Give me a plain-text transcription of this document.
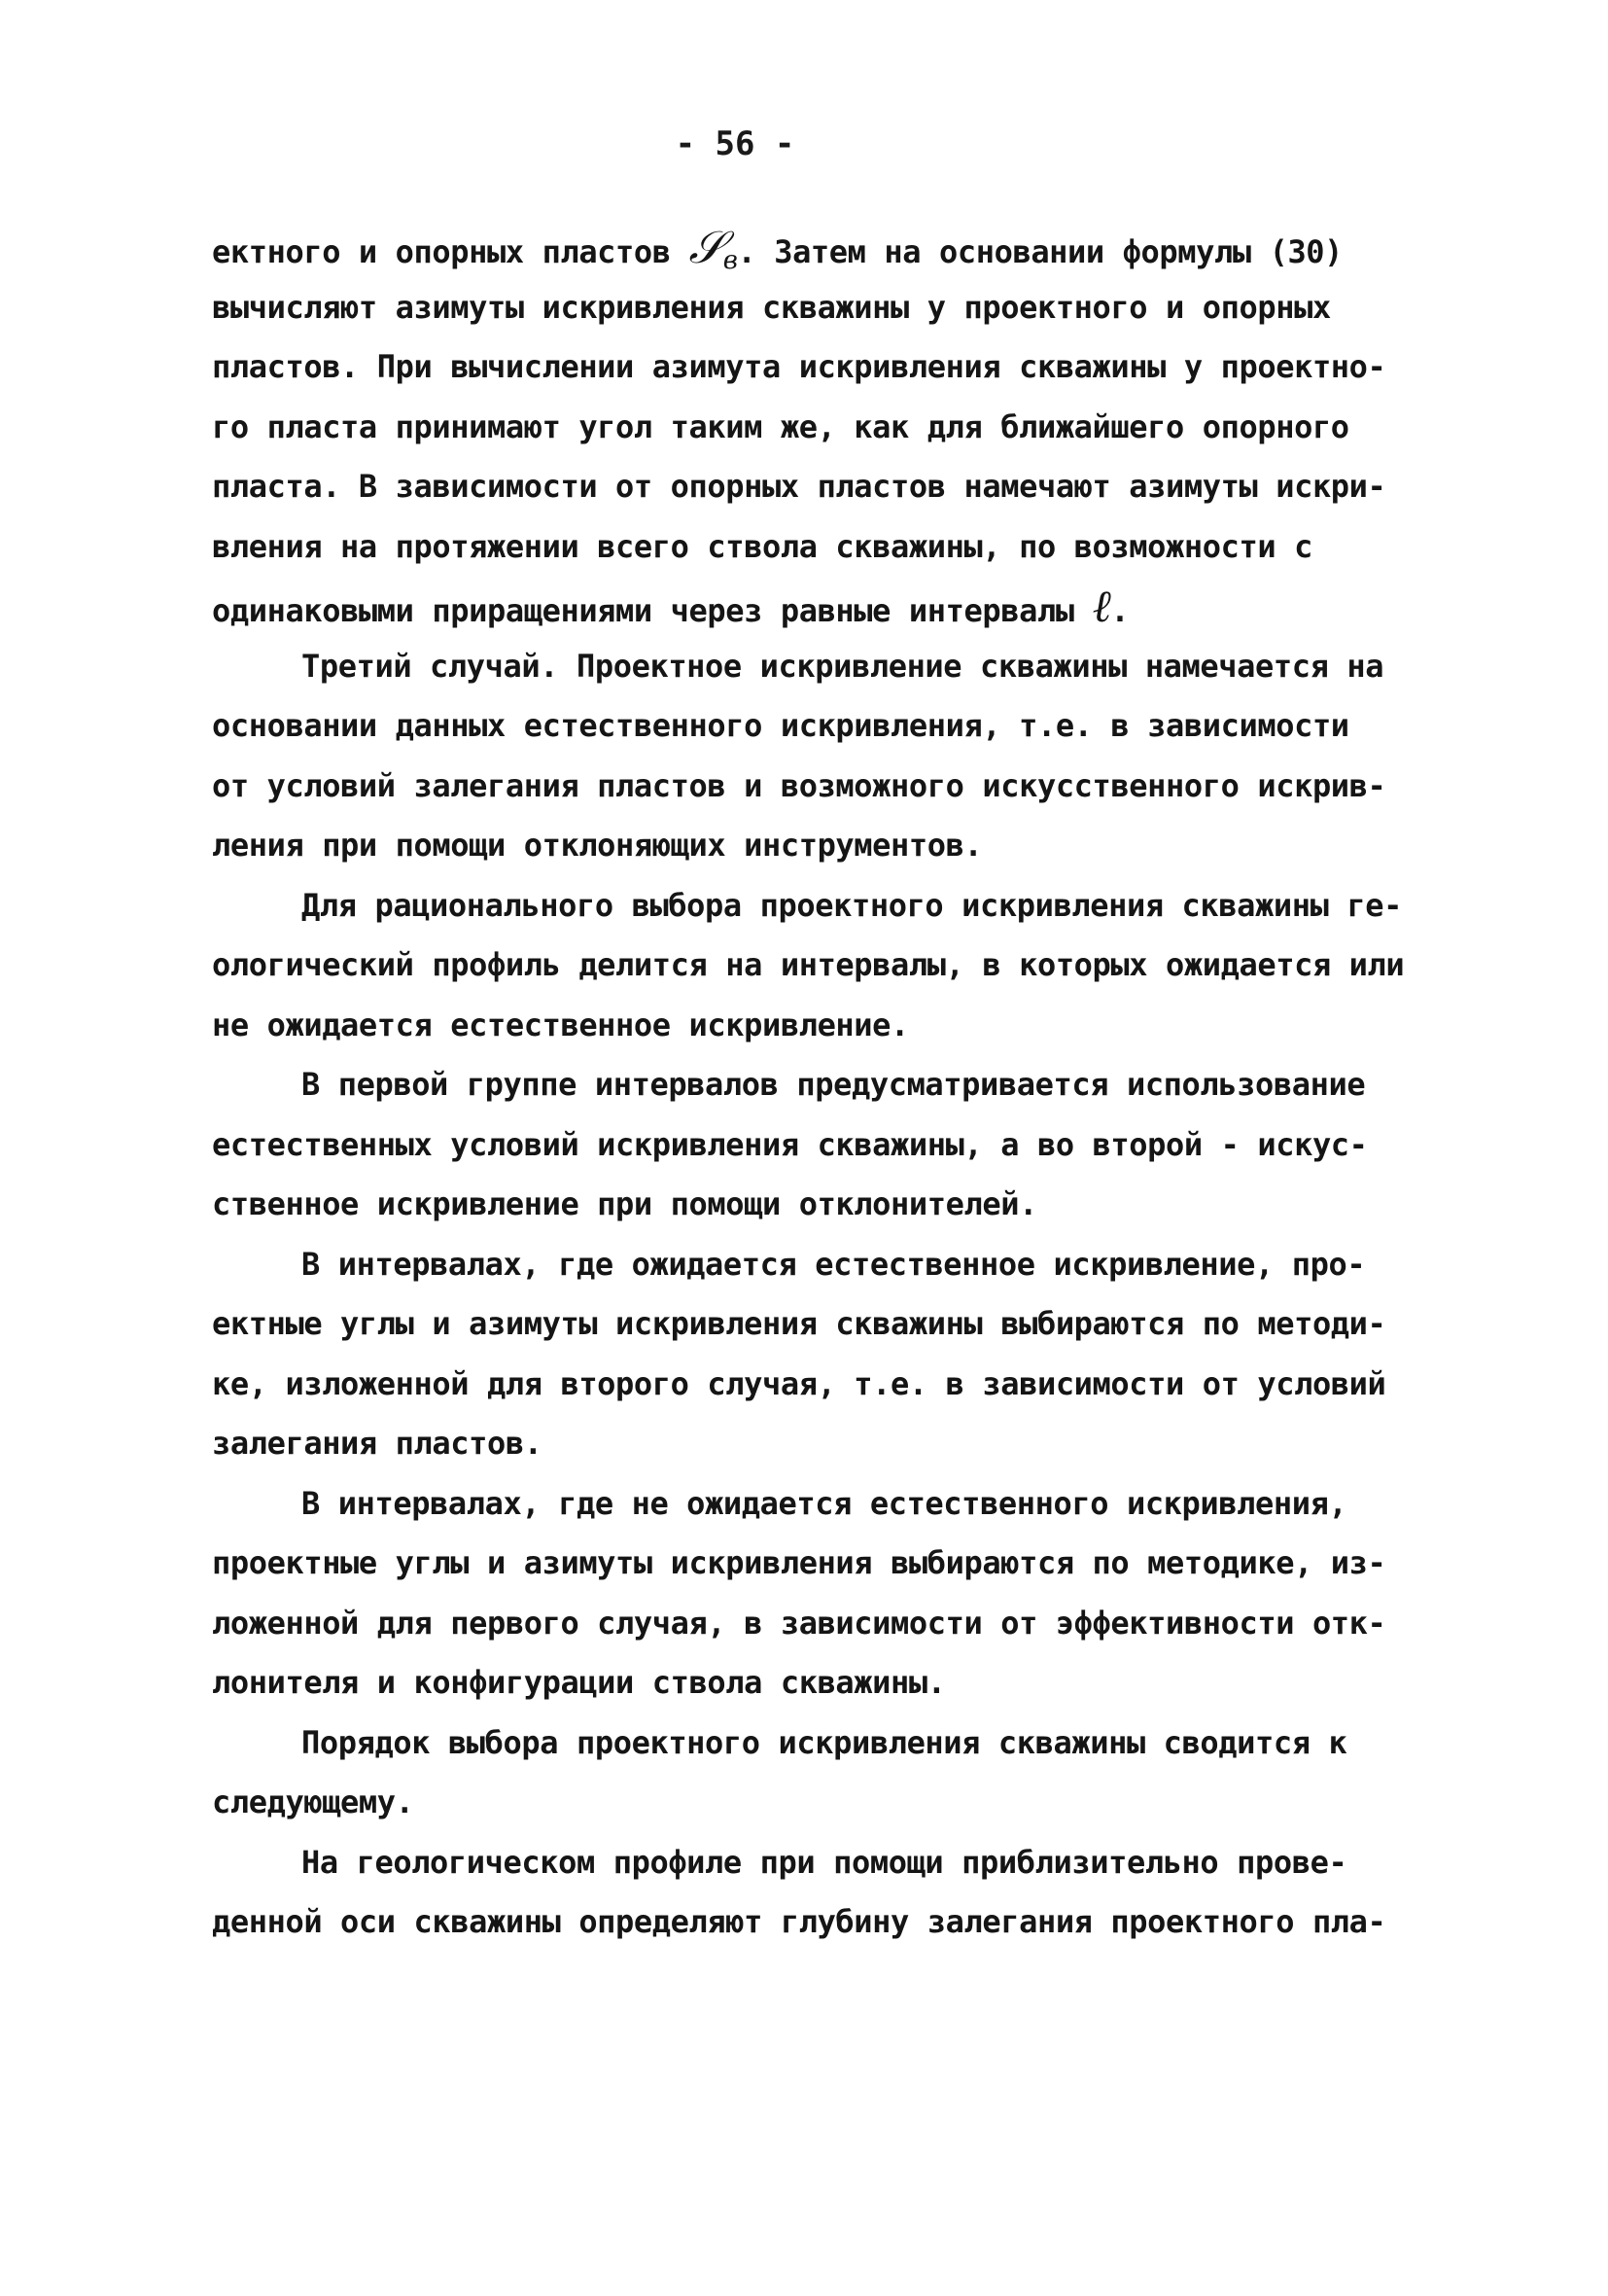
- 56 -
ектного и опорных пластов 𝒮$_в$. Затем на основании формулы (30)
вычисляют азимуты искривления скважины у проектного и опорных
пластов. При вычислении азимута искривления скважины у проектно-
го пласта принимают угол таким же, как для ближайшего опорного
пласта. В зависимости от опорных пластов намечают азимуты искри-
вления на протяжении всего ствола скважины, по возможности с
одинаковыми приращениями через равные интервалы ℓ.
Третий случай. Проектное искривление скважины намечается на
основании данных естественного искривления, т.е. в зависимости
от условий залегания пластов и возможного искусственного искрив-
ления при помощи отклоняющих инструментов.
Для рационального выбора проектного искривления скважины ге-
ологический профиль делится на интервалы, в которых ожидается или
не ожидается естественное искривление.
В первой группе интервалов предусматривается использование
естественных условий искривления скважины, а во второй - искус-
ственное искривление при помощи отклонителей.
В интервалах, где ожидается естественное искривление, про-
ектные углы и азимуты искривления скважины выбираются по методи-
ке, изложенной для второго случая, т.е. в зависимости от условий
залегания пластов.
В интервалах, где не ожидается естественного искривления,
проектные углы и азимуты искривления выбираются по методике, из-
ложенной для первого случая, в зависимости от эффективности отк-
лонителя и конфигурации ствола скважины.
Порядок выбора проектного искривления скважины сводится к
следующему.
На геологическом профиле при помощи приблизительно прове-
денной оси скважины определяют глубину залегания проектного пла-
